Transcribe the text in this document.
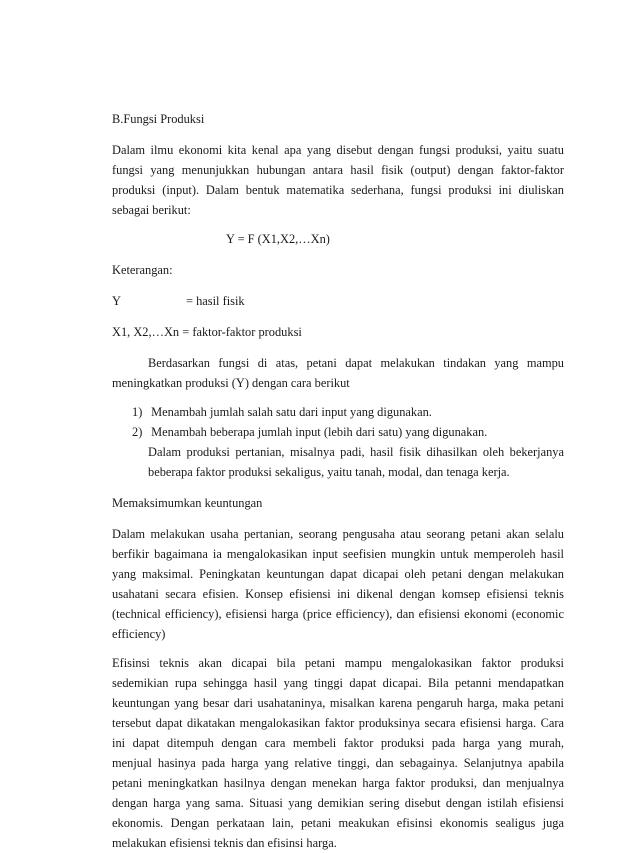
B.Fungsi Produksi
Dalam ilmu ekonomi kita kenal apa yang disebut dengan fungsi produksi, yaitu suatu
fungsi yang menunjukkan hubungan antara hasil fisik (output) dengan faktor-faktor
produksi (input). Dalam bentuk matematika sederhana, fungsi produksi ini diuliskan
sebagai berikut:
Y = F (X1,X2,…Xn)
Keterangan:
Y	= hasil fisik
X1, X2,…Xn = faktor-faktor produksi
Berdasarkan fungsi di atas, petani dapat melakukan tindakan yang mampu
meningkatkan produksi (Y) dengan cara berikut
1) Menambah jumlah salah satu dari input yang digunakan.
2) Menambah beberapa jumlah input (lebih dari satu) yang digunakan.
Dalam produksi pertanian, misalnya padi, hasil fisik dihasilkan oleh bekerjanya
beberapa faktor produksi sekaligus, yaitu tanah, modal, dan tenaga kerja.
Memaksimumkan keuntungan
Dalam melakukan usaha pertanian, seorang pengusaha atau seorang petani akan selalu
berfikir bagaimana ia mengalokasikan input seefisien mungkin untuk memperoleh hasil
yang maksimal. Peningkatan keuntungan dapat dicapai oleh petani dengan melakukan
usahatani secara efisien. Konsep efisiensi ini dikenal dengan komsep efisiensi teknis
(technical efficiency), efisiensi harga (price efficiency), dan efisiensi ekonomi (economic
efficiency)
Efisinsi teknis akan dicapai bila petani mampu mengalokasikan faktor produksi
sedemikian rupa sehingga hasil yang tinggi dapat dicapai. Bila petanni mendapatkan
keuntungan yang besar dari usahataninya, misalkan karena pengaruh harga, maka petani
tersebut dapat dikatakan mengalokasikan faktor produksinya secara efisiensi harga. Cara
ini dapat ditempuh dengan cara membeli faktor produksi pada harga yang murah,
menjual hasinya pada harga yang relative tinggi, dan sebagainya. Selanjutnya apabila
petani meningkatkan hasilnya dengan menekan harga faktor produksi, dan menjualnya
dengan harga yang sama. Situasi yang demikian sering disebut dengan istilah efisiensi
ekonomis. Dengan perkataan lain, petani meakukan efisinsi ekonomis sealigus juga
melakukan efisiensi teknis dan efisinsi harga.
